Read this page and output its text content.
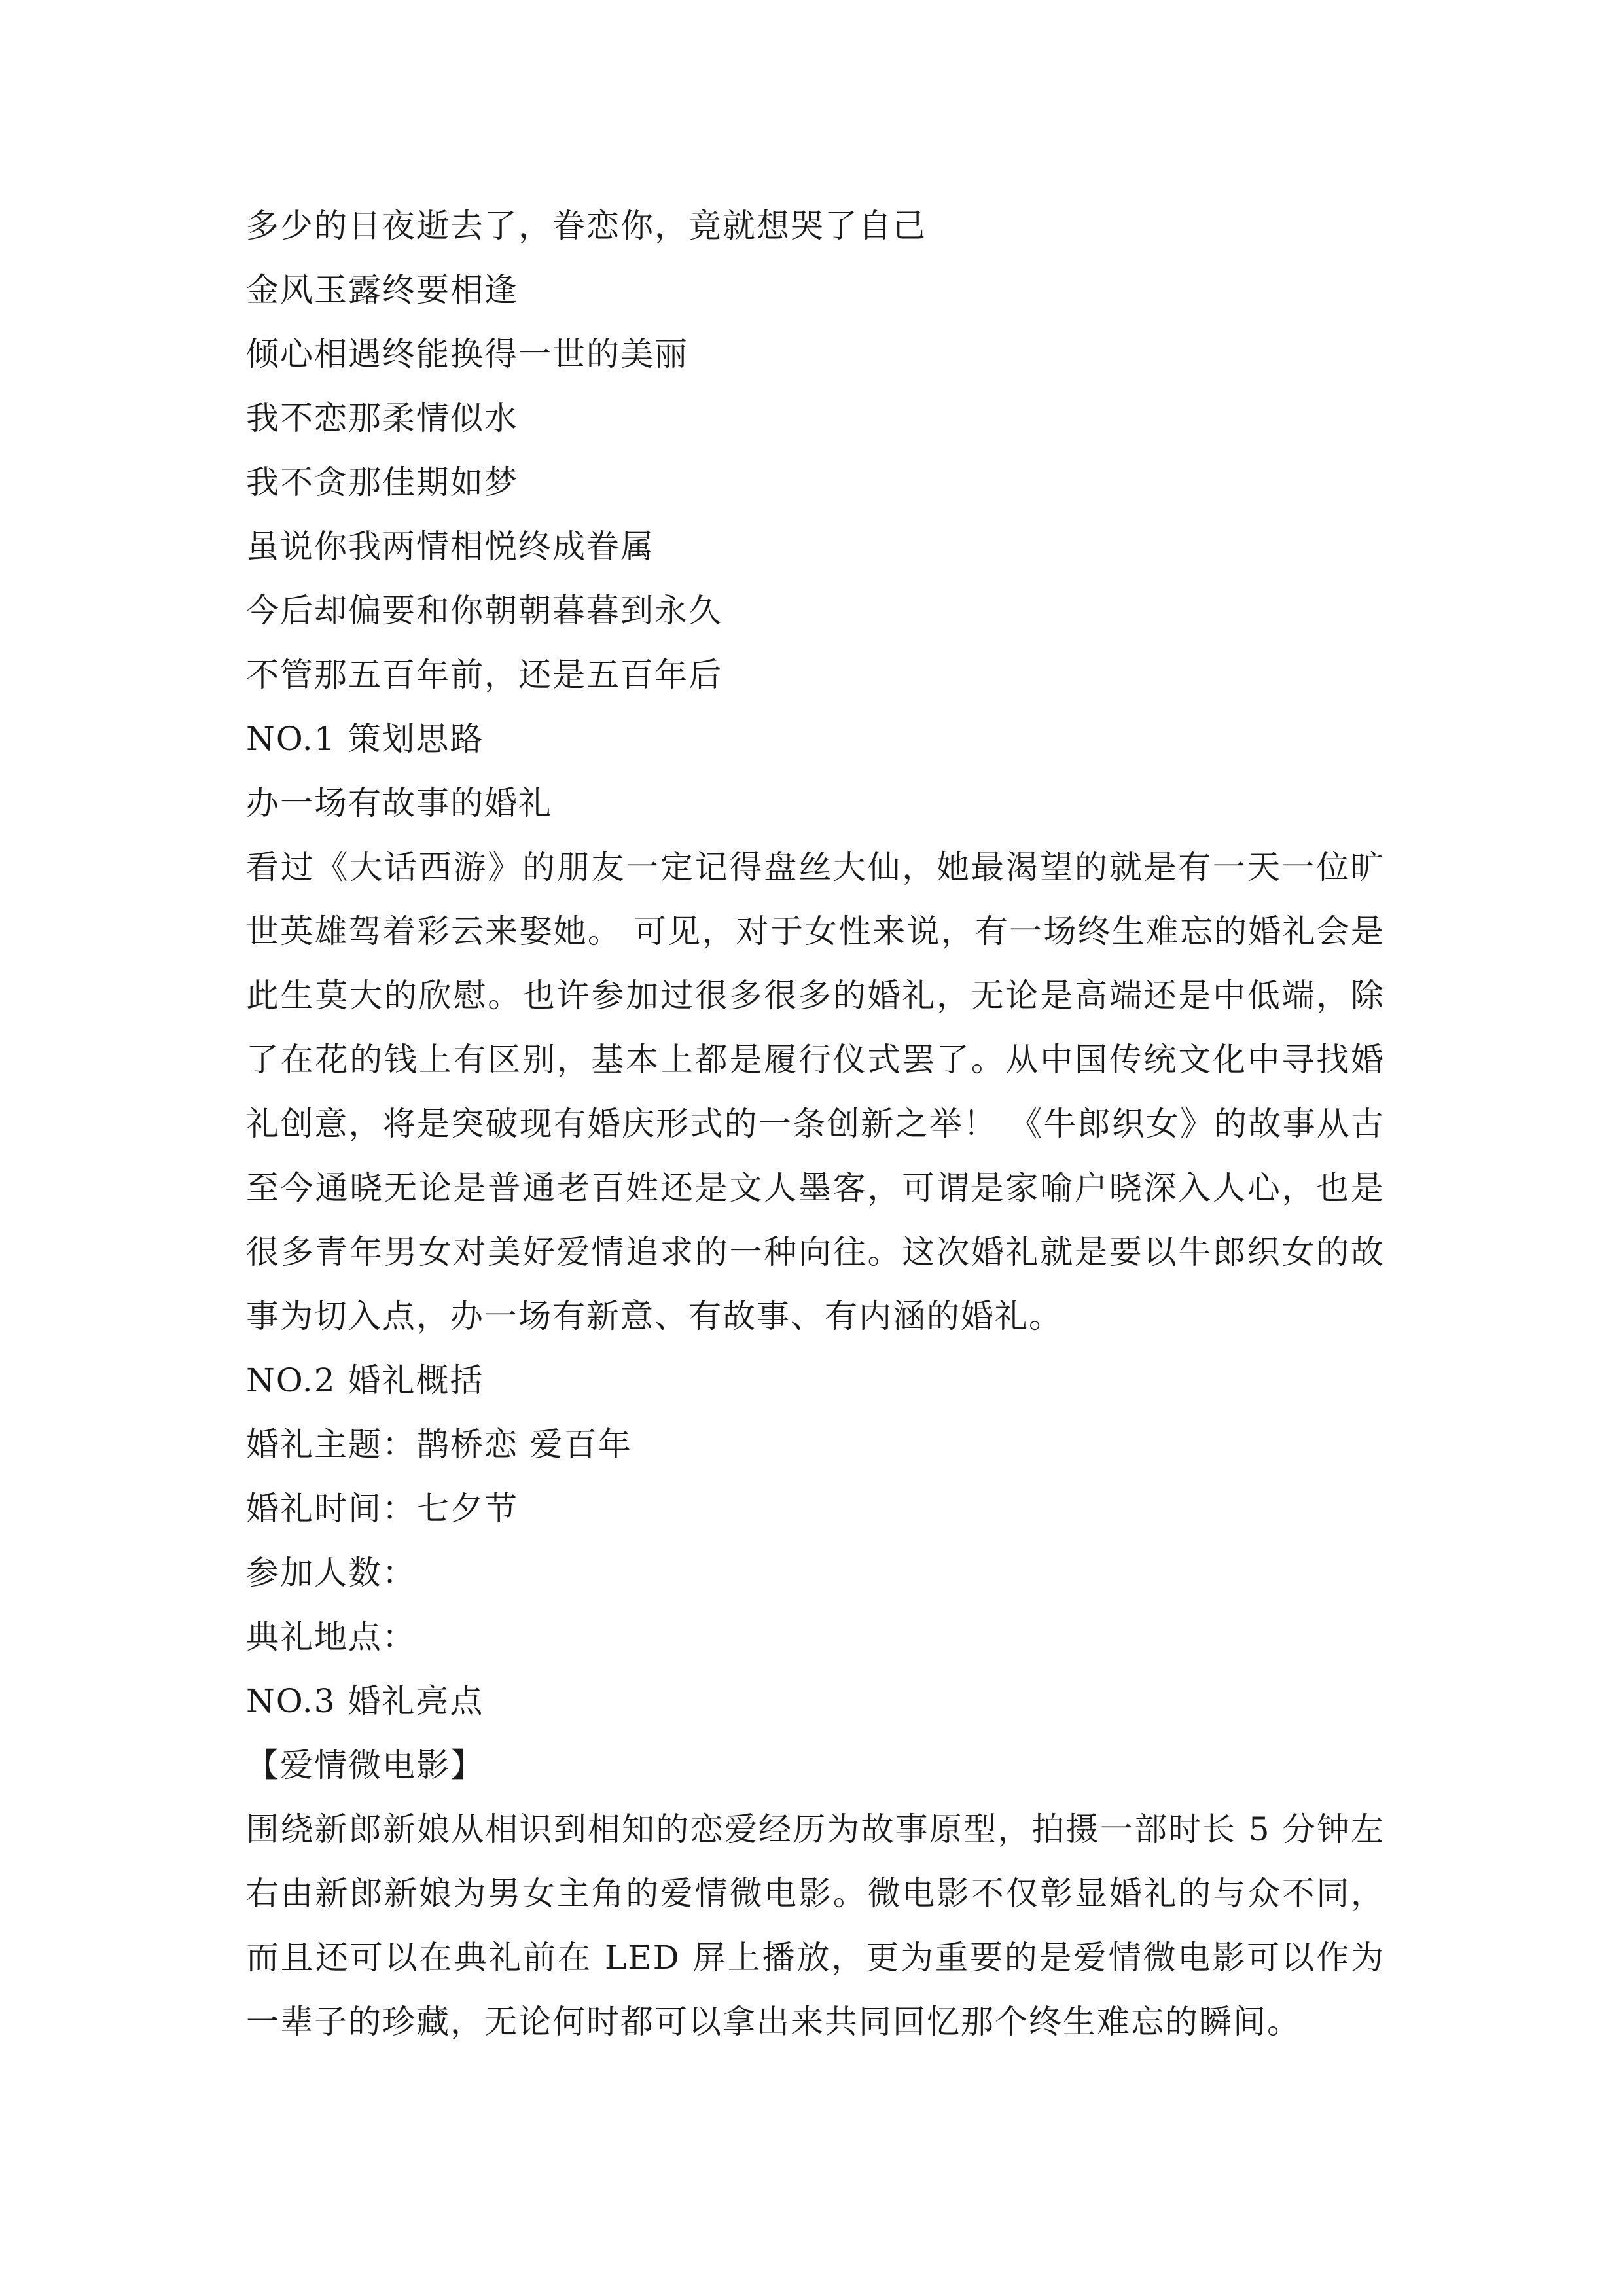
多少的日夜逝去了，眷恋你，竟就想哭了自己
金风玉露终要相逢
倾心相遇终能换得一世的美丽
我不恋那柔情似水
我不贪那佳期如梦
虽说你我两情相悦终成眷属
今后却偏要和你朝朝暮暮到永久
不管那五百年前，还是五百年后
NO.1 策划思路
办一场有故事的婚礼
看过《大话西游》的朋友一定记得盘丝大仙，她最渴望的就是有一天一位旷世英雄驾着彩云来娶她。 可见，对于女性来说，有一场终生难忘的婚礼会是此生莫大的欣慰。也许参加过很多很多的婚礼，无论是高端还是中低端，除了在花的钱上有区别，基本上都是履行仪式罢了。从中国传统文化中寻找婚礼创意，将是突破现有婚庆形式的一条创新之举！ 《牛郎织女》的故事从古至今通晓无论是普通老百姓还是文人墨客，可谓是家喻户晓深入人心，也是很多青年男女对美好爱情追求的一种向往。这次婚礼就是要以牛郎织女的故事为切入点，办一场有新意、有故事、有内涵的婚礼。
NO.2 婚礼概括
婚礼主题：鹊桥恋 爱百年
婚礼时间：七夕节
参加人数：
典礼地点：
NO.3 婚礼亮点
【爱情微电影】
围绕新郎新娘从相识到相知的恋爱经历为故事原型，拍摄一部时长 5 分钟左右由新郎新娘为男女主角的爱情微电影。微电影不仅彰显婚礼的与众不同，而且还可以在典礼前在 LED 屏上播放，更为重要的是爱情微电影可以作为一辈子的珍藏，无论何时都可以拿出来共同回忆那个终生难忘的瞬间。
